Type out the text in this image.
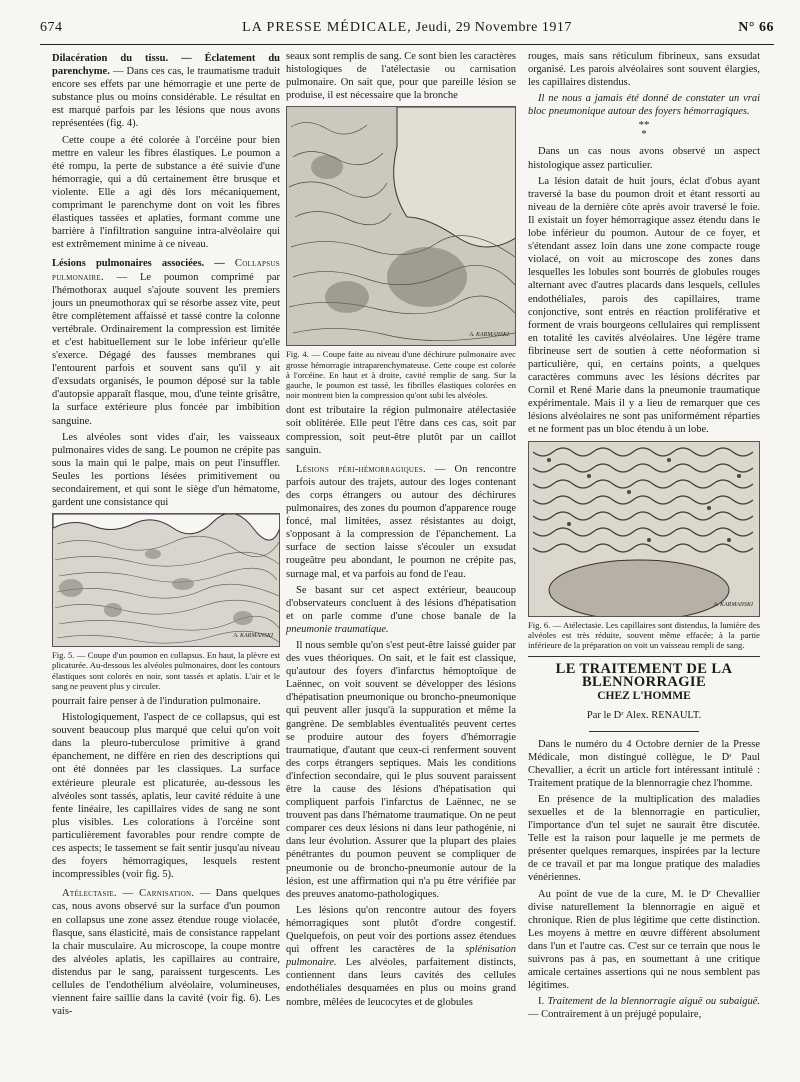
674	LA PRESSE MÉDICALE, Jeudi, 29 Novembre 1917	N° 66

Dilacération du tissu. — Éclatement du parenchyme. — Dans ces cas, le traumatisme traduit encore ses effets par une hémorragie et une perte de substance plus ou moins considérable. Le résultat en est marqué parfois par les lésions que nous avons représentées (fig. 4).

Cette coupe a été colorée à l'orcéine pour bien mettre en valeur les fibres élastiques. Le poumon a été rompu, la perte de substance a été suivie d'une hémorragie, qui a dû certainement être brusque et violente. Elle a agi dès lors mécaniquement, comprimant le parenchyme dont on voit les fibres élastiques tassées et aplaties, formant comme une barrière à l'infiltration sanguine intra-alvéolaire qui est extrêmement minime à ce niveau.

Lésions pulmonaires associées. — Collapsus pulmonaire. — Le poumon comprimé par l'hémothorax auquel s'ajoute souvent les premiers jours un pneumothorax qui se résorbe assez vite, peut être complètement affaissé et tassé contre la colonne vertébrale. Ordinairement la compression est limitée et c'est habituellement sur le lobe inférieur qu'elle s'exerce. Dégagé des fausses membranes qui l'entourent parfois et souvent sans qu'il y ait d'exsudats organisés, le poumon déposé sur la table d'autopsie apparaît flasque, mou, d'une teinte grisâtre, la surface extérieure plus foncée par imbibition sanguine.

Les alvéoles sont vides d'air, les vaisseaux pulmonaires vides de sang. Le poumon ne crépite pas sous la main qui le palpe, mais on peut l'insuffler. Seules les portions lésées primitivement ou secondairement, et qui sont le siège d'un hématome, gardent une consistance qui

A. KARMANSKI
Fig. 5. — Coupe d'un poumon en collapsus. En haut, la plèvre est plicaturée. Au-dessous les alvéoles pulmonaires, dont les contours élastiques sont colorés en noir, sont tassés et aplatis. L'air et le sang ne peuvent plus y circuler.

pourrait faire penser à de l'induration pulmonaire.

Histologiquement, l'aspect de ce collapsus, qui est souvent beaucoup plus marqué que celui qu'on voit dans la pleuro-tuberculose primitive à grand épanchement, ne diffère en rien des descriptions qui ont été données par les classiques. La surface extérieure pleurale est plicaturée, au-dessous les alvéoles sont tassés, aplatis, leur cavité réduite à une fente linéaire, les capillaires vides de sang ne sont plus visibles. Les colorations à l'orcéine sont particulièrement favorables pour rendre compte de ces aspects; le tassement se fait sentir jusqu'au niveau des foyers hémorragiques, lesquels restent incompressibles (voir fig. 5).

Atélectasie. — Carnisation. — Dans quelques cas, nous avons observé sur la surface d'un poumon en collapsus une zone assez étendue rouge violacée, flasque, sans élasticité, mais de consistance rappelant la chair musculaire. Au microscope, la coupe montre des alvéoles aplatis, les capillaires au contraire, distendus par le sang, paraissent turgescents. Les cellules de l'endothélium alvéolaire, volumineuses, viennent faire saillie dans la cavité (voir fig. 6). Les vais-

seaux sont remplis de sang. Ce sont bien les caractères histologiques de l'atélectasie ou carnisation pulmonaire. On sait que, pour que pareille lésion se produise, il est nécessaire que la bronche

A. KARMANSKI
Fig. 4. — Coupe faite au niveau d'une déchirure pulmonaire avec grosse hémorragie intraparenchymateuse. Cette coupe est colorée à l'orcéine. En haut et à droite, cavité remplie de sang. Sur la gauche, le poumon est tassé, les fibrilles élastiques colorées en noir montrent bien la compression qu'ont subi les alvéoles.

dont est tributaire la région pulmonaire atélectasiée soit oblitérée. Elle peut l'être dans ces cas, soit par compression, soit peut-être plutôt par un caillot sanguin.

Lésions péri-hémorragiques. — On rencontre parfois autour des trajets, autour des loges contenant des corps étrangers ou autour des déchirures pulmonaires, des zones du poumon d'apparence rouge foncé, mal limitées, assez résistantes au doigt, s'opposant à la compression de l'épanchement. La surface de section laisse s'écouler un exsudat rougeâtre peu abondant, le poumon ne crépite pas, surnage mal, et va parfois au fond de l'eau.

Se basant sur cet aspect extérieur, beaucoup d'observateurs concluent à des lésions d'hépatisation et on parle comme d'une chose banale de la pneumonie traumatique.

Il nous semble qu'on s'est peut-être laissé guider par des vues théoriques. On sait, et le fait est classique, qu'autour des foyers d'infarctus hémoptoïque de Laënnec, on voit souvent se développer des lésions d'hépatisation pneumonique ou broncho-pneumonique qui peuvent aller jusqu'à la suppuration et même la gangrène. De semblables éventualités peuvent certes se produire autour des foyers d'hémorragie traumatique, d'autant que ceux-ci renferment souvent des corps étrangers septiques. Mais les conditions d'infection secondaire, qui le plus souvent paraissent être la cause des lésions d'hépatisation qui compliquent parfois l'infarctus de Laënnec, ne se trouvent pas dans l'hématome traumatique. On ne peut comparer ces deux lésions ni dans leur pathogénie, ni dans leur évolution. Assurer que la plupart des plaies pénétrantes du poumon peuvent se compliquer de pneumonie ou de broncho-pneumonie autour de la lésion, est une affirmation qui n'a pu être vérifiée par des preuves anatomo-pathologiques.

Les lésions qu'on rencontre autour des foyers hémorragiques sont plutôt d'ordre congestif. Quelquefois, on peut voir des portions assez étendues qui offrent les caractères de la splénisation pulmonaire. Les alvéoles, parfaitement distincts, contiennent dans leurs cavités des cellules endothéliales desquamées en plus ou moins grand nombre, mêlées de leucocytes et de globules

rouges, mais sans réticulum fibrineux, sans exsudat organisé. Les parois alvéolaires sont souvent élargies, les capillaires distendus.

Il ne nous a jamais été donné de constater un vrai bloc pneumonique autour des foyers hémorragiques.

**
*

Dans un cas nous avons observé un aspect histologique assez particulier.

La lésion datait de huit jours, éclat d'obus ayant traversé la base du poumon droit et étant ressorti au niveau de la dernière côte après avoir traversé le foie. Il existait un foyer hémorragique assez étendu dans le lobe inférieur du poumon. Autour de ce foyer, et s'étendant assez loin dans une zone compacte rouge violacé, on voit au microscope des zones dans lesquelles les lobules sont bourrés de globules rouges alternant avec d'autres placards dans lesquels, cellules endothéliales, parois des capillaires, trame conjonctive, sont entrés en réaction proliférative et forment de vrais bourgeons cellulaires qui remplissent en totalité les cavités alvéolaires. Une légère trame fibrineuse sert de soutien à cette néoformation si particulière, qui, en certains points, a quelques caractères communs avec les lésions décrites par Cornil et René Marie dans la pneumonie traumatique expérimentale. Mais il y a lieu de remarquer que ces lésions alvéolaires ne sont pas uniformément réparties et ne forment pas un bloc étendu à un lobe.

A. KARMANSKI
Fig. 6. — Atélectasie. Les capillaires sont distendus, la lumière des alvéoles est très réduite, souvent même effacée; à la partie inférieure de la préparation on voit un vaisseau rempli de sang.
LE TRAITEMENT DE LA BLENNORRAGIE
CHEZ L'HOMME
Par le Dʳ Alex. RENAULT.

Dans le numéro du 4 Octobre dernier de la Presse Médicale, mon distingué collègue, le Dʳ Paul Chevallier, a écrit un article fort intéressant intitulé : Traitement pratique de la blennorragie chez l'homme.

En présence de la multiplication des maladies sexuelles et de la blennorragie en particulier, l'importance d'un tel sujet ne saurait être discutée. Telle est la raison pour laquelle je me permets de présenter quelques remarques, inspirées par la lecture de ce travail et par ma longue pratique des maladies vénériennes.

Au point de vue de la cure, M. le Dʳ Chevallier divise naturellement la blennorragie en aiguë et chronique. Rien de plus légitime que cette distinction. Les moyens à mettre en œuvre diffèrent absolument dans l'un et l'autre cas. C'est sur ce terrain que nous le suivrons pas à pas, en soumettant à une critique amicale certaines assertions qui ne nous semblent pas légitimes.

I. Traitement de la blennorragie aiguë ou subaiguë. — Contrairement à un préjugé populaire,
